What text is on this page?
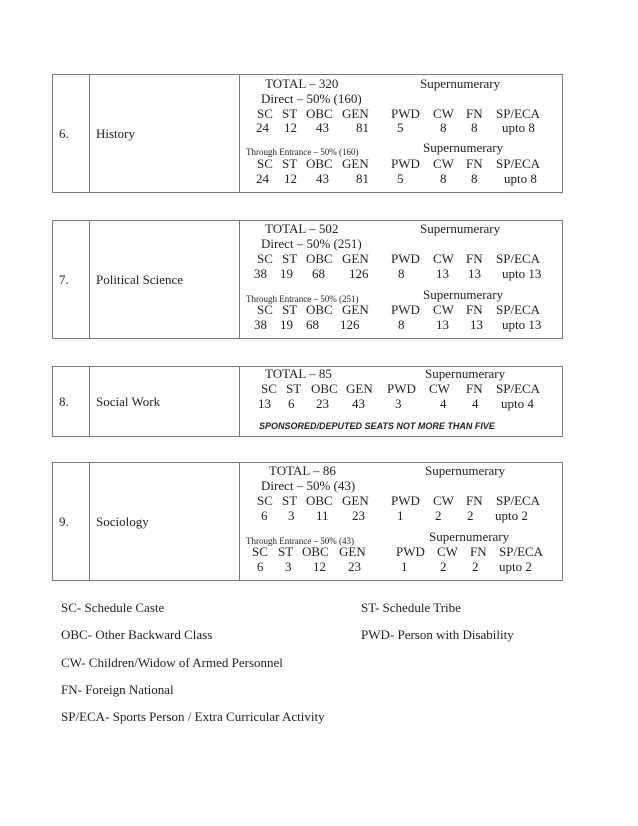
6. History
TOTAL – 320	Supernumerary
Direct – 50% (160)
SC ST OBC GEN PWD CW FN SP/ECA
24 12 43 81 5	8 8 upto 8
Through Entrance – 50% (160)	Supernumerary
SC ST OBC GEN PWD CW FN SP/ECA
24 12 43 81 5	8 8 upto 8
7. Political Science
TOTAL – 502	Supernumerary
Direct – 50% (251)
SC ST OBC GEN PWD CW FN SP/ECA
38 19 68 126 8 13 13 upto 13
Through Entrance – 50% (251)	Supernumerary
SC ST OBC GEN PWD CW FN SP/ECA
38 19 68 126	8 13 13 upto 13
8. Social Work
TOTAL – 85	Supernumerary
SC ST OBC GEN PWD CW FN SP/ECA
13 6 23 43 3	4 4 upto 4
SPONSORED/DEPUTED SEATS NOT MORE THAN FIVE
9. Sociology
TOTAL – 86	Supernumerary
Direct – 50% (43)
SC ST OBC GEN PWD CW FN SP/ECA
6 3 11 23 1 2 2 upto 2
Through Entrance – 50% (43)	Supernumerary
SC ST OBC GEN PWD CW FN SP/ECA
6 3 12 23	1	2 2 upto 2
SC- Schedule Caste	ST- Schedule Tribe
OBC- Other Backward Class	PWD- Person with Disability
CW- Children/Widow of Armed Personnel
FN- Foreign National
SP/ECA- Sports Person / Extra Curricular Activity
